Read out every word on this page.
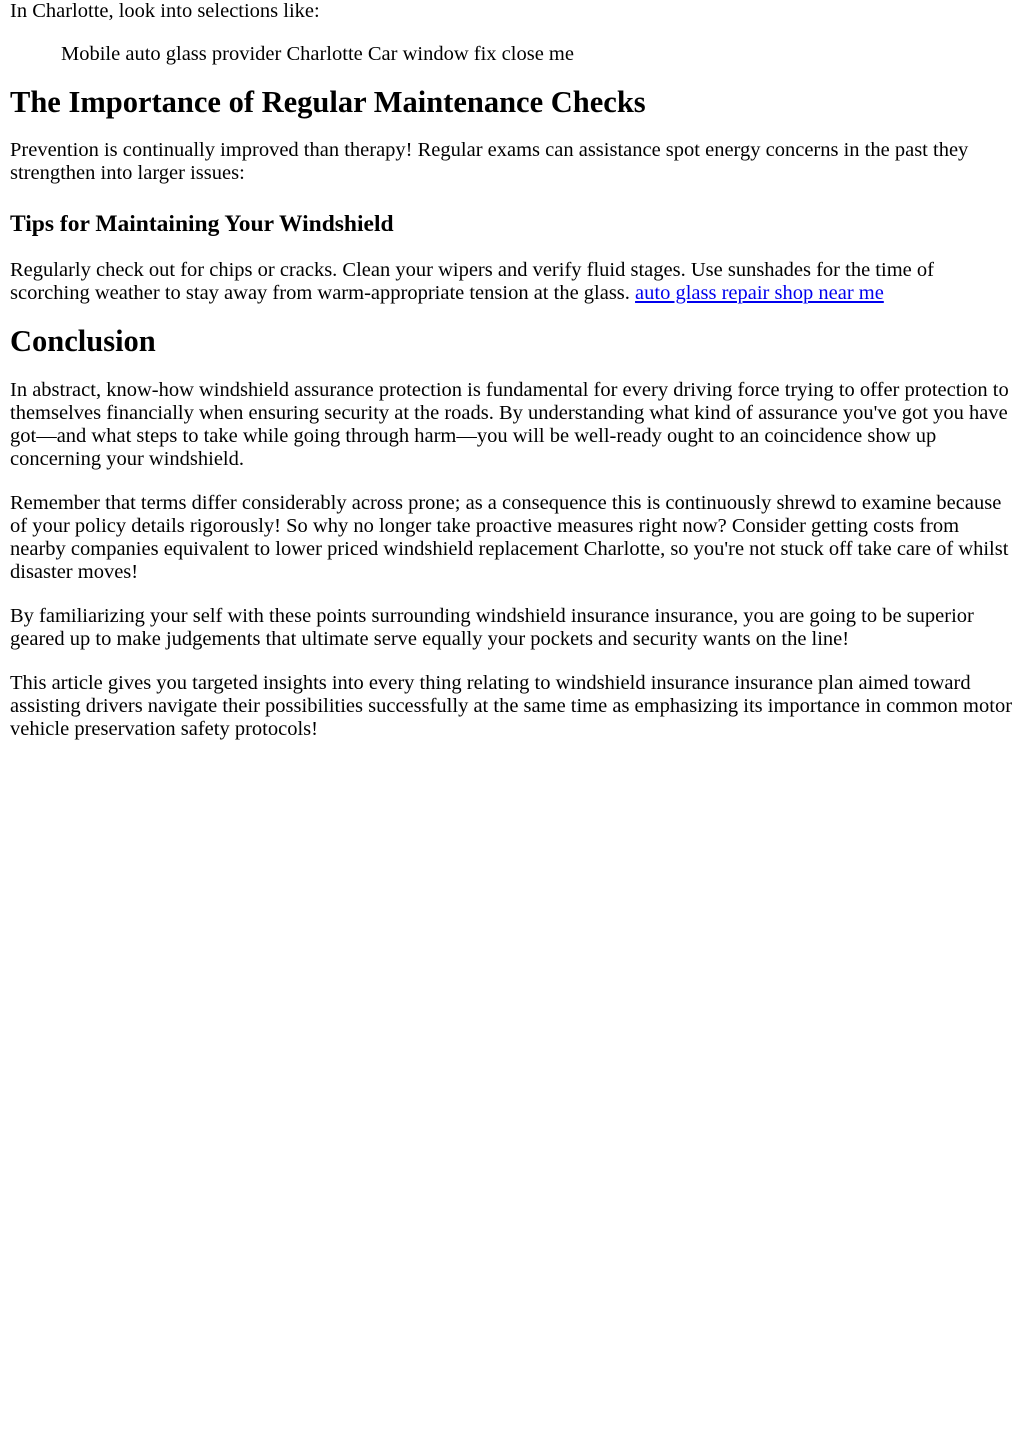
In Charlotte, look into selections like:

Mobile auto glass provider Charlotte Car window fix close me
The Importance of Regular Maintenance Checks

Prevention is continually improved than therapy! Regular exams can assistance spot energy concerns in the past they strengthen into larger issues:

Tips for Maintaining Your Windshield

Regularly check out for chips or cracks. Clean your wipers and verify fluid stages. Use sunshades for the time of scorching weather to stay away from warm-appropriate tension at the glass. auto glass repair shop near me

Conclusion

In abstract, know-how windshield assurance protection is fundamental for every driving force trying to offer protection to themselves financially when ensuring security at the roads. By understanding what kind of assurance you've got you have got—and what steps to take while going through harm—you will be well-ready ought to an coincidence show up concerning your windshield.

Remember that terms differ considerably across prone; as a consequence this is continuously shrewd to examine because of your policy details rigorously! So why no longer take proactive measures right now? Consider getting costs from nearby companies equivalent to lower priced windshield replacement Charlotte, so you're not stuck off take care of whilst disaster moves!

By familiarizing your self with these points surrounding windshield insurance insurance, you are going to be superior geared up to make judgements that ultimate serve equally your pockets and security wants on the line!

This article gives you targeted insights into every thing relating to windshield insurance insurance plan aimed toward assisting drivers navigate their possibilities successfully at the same time as emphasizing its importance in common motor vehicle preservation safety protocols!
